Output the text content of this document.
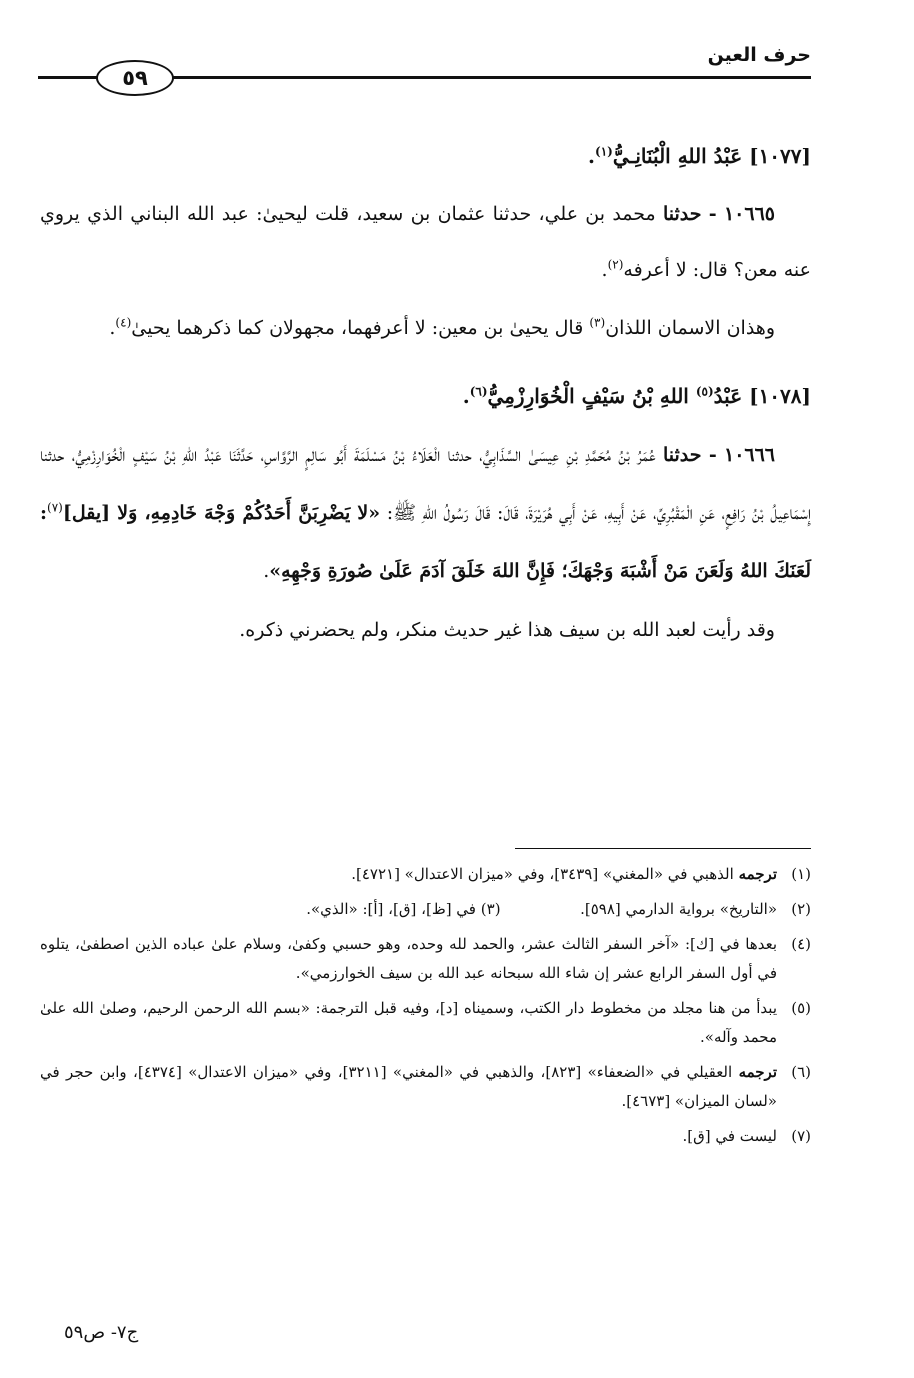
حرف العين
٥٩

[١٠٧٧] عَبْدُ اللهِ الْبُنَانِـيُّ$^{(١)}$.

١٠٦٦٥ - حدثنا محمد بن علي، حدثنا عثمان بن سعيد، قلت ليحيىٰ: عبد الله البناني الذي يروي عنه معن؟ قال: لا أعرفه$^{(٢)}$.

وهذان الاسمان اللذان$^{(٣)}$ قال يحيىٰ بن معين: لا أعرفهما، مجهولان كما ذكرهما يحيىٰ$^{(٤)}$.

[١٠٧٨] عَبْدُ$^{(٥)}$ اللهِ بْنُ سَيْفٍ الْخُوَارِزْمِيُّ$^{(٦)}$.

١٠٦٦٦ - حدثنا عُمَرُ بْنُ مُحَمَّدِ بْنِ عِيسَىٰ السَّذَابِيُّ، حدثنا الْعَلَاءُ بْنُ مَسْلَمَةَ أَبُو سَالِمٍ الرَّوَّاسِ، حَدَّثَنَا عَبْدُ اللهِ بْنُ سَيْفٍ الْخُوَارِزْمِيُّ، حدثنا إِسْمَاعِيلُ بْنُ رَافِعٍ، عَنِ الْمَقْبُرِيِّ، عَنْ أَبِيهِ، عَنْ أَبِي هُرَيْرَةَ، قَالَ: قَالَ رَسُولُ اللهِ ﷺ: «لا يَضْرِبَنَّ أَحَدُكُمْ وَجْهَ خَادِمِهِ، وَلا [يقل]$^{(٧)}$: لَعَنَكَ اللهُ وَلَعَنَ مَنْ أَشْبَهَ وَجْهَكَ؛ فَإِنَّ اللهَ خَلَقَ آدَمَ عَلَىٰ صُورَةِ وَجْهِهِ».

وقد رأيت لعبد الله بن سيف هذا غير حديث منكر، ولم يحضرني ذكره.

(١)
ترجمه الذهبي في «المغني» [٣٤٣٩]، وفي «ميزان الاعتدال» [٤٧٢١].

(٢)
«التاريخ» برواية الدارمي [٥٩٨].  (٣) في [ظ]، [ق]، [أ]: «الذي».

(٤)
بعدها في [ك]: «آخر السفر الثالث عشر، والحمد لله وحده، وهو حسبي وكفىٰ، وسلام علىٰ عباده الذين اصطفىٰ، يتلوه في أول السفر الرابع عشر إن شاء الله سبحانه عبد الله بن سيف الخوارزمي».

(٥)
يبدأ من هنا مجلد من مخطوط دار الكتب، وسميناه [د]، وفيه قبل الترجمة: «بسم الله الرحمن الرحيم، وصلىٰ الله علىٰ محمد وآله».

(٦)
ترجمه العقيلي في «الضعفاء» [٨٢٣]، والذهبي في «المغني» [٣٢١١]، وفي «ميزان الاعتدال» [٤٣٧٤]، وابن حجر في «لسان الميزان» [٤٦٧٣].

(٧)
ليست في [ق].

ج٧- ص٥٩
